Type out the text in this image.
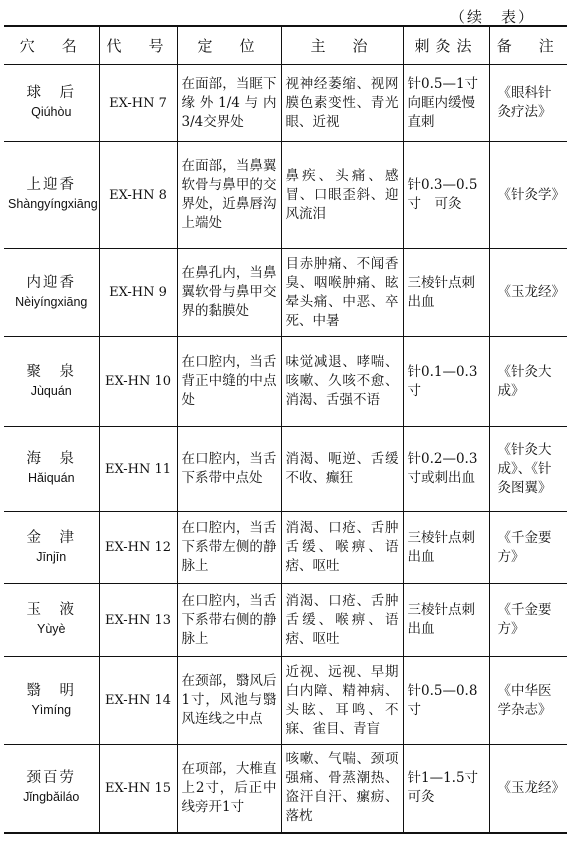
（续　表）
穴　名	代　号	定　位	主　治	刺灸法	备　注

球　后
Qiúhòu	EX-HN 7	在面部，当眶下缘外1/4与内3/4交界处	视神经萎缩、视网膜色素变性、青光眼、近视	针0.5—1寸向眶内缓慢直刺	《眼科针灸疗法》

上迎香
Shàngyíngxiāng	EX-HN 8	在面部，当鼻翼软骨与鼻甲的交界处，近鼻唇沟上端处	鼻疾、头痛、感冒、口眼歪斜、迎风流泪	针0.3—0.5寸　可灸	《针灸学》

内迎香
Nèiyíngxiāng	EX-HN 9	在鼻孔内，当鼻翼软骨与鼻甲交界的黏膜处	目赤肿痛、不闻香臭、咽喉肿痛、眩晕头痛、中恶、卒死、中暑	三棱针点刺出血	《玉龙经》

聚　泉
Jùquán	EX-HN 10	在口腔内，当舌背正中缝的中点处	味觉减退、哮喘、咳嗽、久咳不愈、消渴、舌强不语	针0.1—0.3寸	《针灸大成》

海　泉
Hǎiquán	EX-HN 11	在口腔内，当舌下系带中点处	消渴、呃逆、舌缓不收、癫狂	针0.2—0.3寸或刺出血	《针灸大成》、《针灸图翼》

金　津
Jīnjīn	EX-HN 12	在口腔内，当舌下系带左侧的静脉上	消渴、口疮、舌肿舌缓、喉痹、语痞、呕吐	三棱针点刺出血	《千金要方》

玉　液
Yùyè	EX-HN 13	在口腔内，当舌下系带右侧的静脉上	消渴、口疮、舌肿舌缓、喉痹、语痞、呕吐	三棱针点刺出血	《千金要方》

翳　明
Yìmíng	EX-HN 14	在颈部，翳风后1寸，风池与翳风连线之中点	近视、远视、早期白内障、精神病、头眩、耳鸣、不寐、雀目、青盲	针0.5—0.8寸	《中华医学杂志》

颈百劳
Jǐngbǎiláo	EX-HN 15	在项部，大椎直上2寸，后正中线旁开1寸	咳嗽、气喘、颈项强痛、骨蒸潮热、盗汗自汗、瘰疬、落枕	针1—1.5寸　可灸	《玉龙经》
